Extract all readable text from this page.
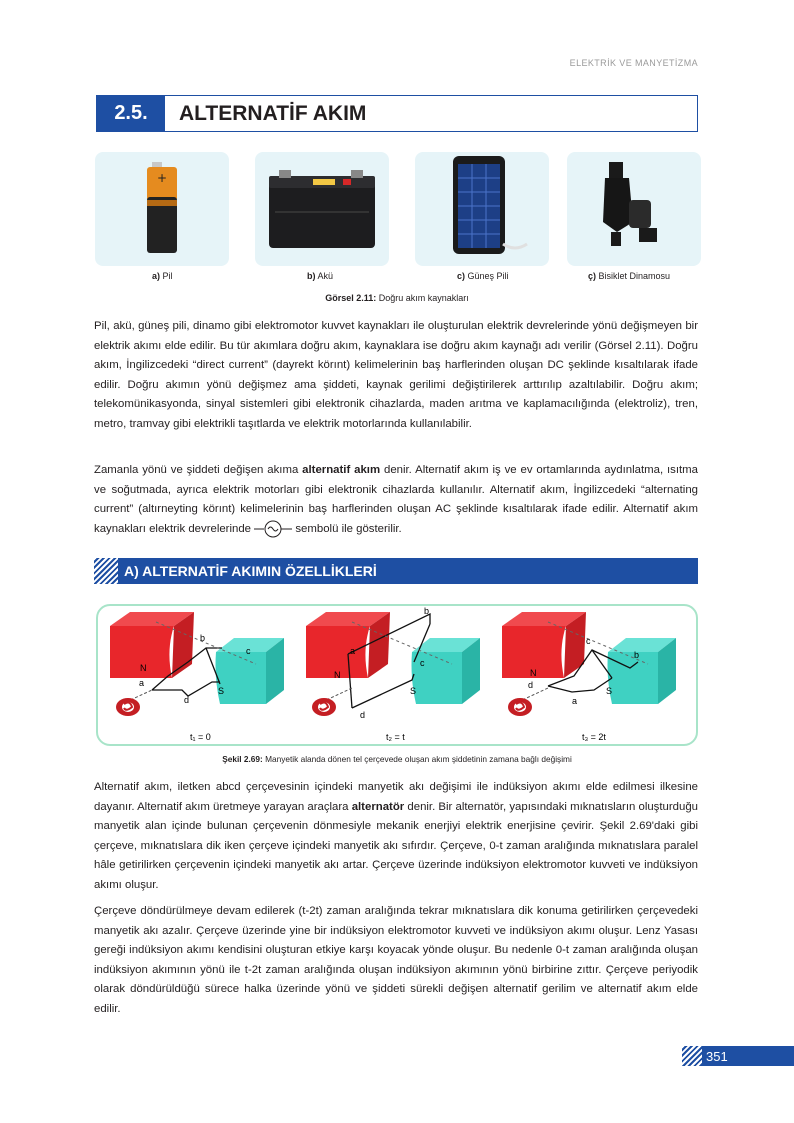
ELEKTRİK VE MANYETİZMA
2.5.	ALTERNATİF AKIM
+
a) Pil	b) Akü	c) Güneş Pili	ç) Bisiklet Dinamosu
Görsel 2.11: Doğru akım kaynakları
Pil, akü, güneş pili, dinamo gibi elektromotor kuvvet kaynakları ile oluşturulan elektrik devrelerinde yönü değişmeyen bir elektrik akımı elde edilir. Bu tür akımlara doğru akım, kaynaklara ise doğru akım kaynağı adı verilir (Görsel 2.11). Doğru akım, İngilizcedeki “direct current” (dayrekt körınt) kelimelerinin baş harflerinden oluşan DC şeklinde kısaltılarak ifade edilir. Doğru akımın yönü değişmez ama şiddeti, kaynak gerilimi değiştirilerek arttırılıp azaltılabilir. Doğru akım; telekomünikasyonda, sinyal sistemleri gibi elektronik cihazlarda, maden arıtma ve kaplamacılığında (elektroliz), tren, metro, tramvay gibi elektrikli taşıtlarda ve elektrik motorlarında kullanılabilir.
Zamanla yönü ve şiddeti değişen akıma alternatif akım denir. Alternatif akım iş ve ev ortamlarında aydınlatma, ısıtma ve soğutmada, ayrıca elektrik motorları gibi elektronik cihazlarda kullanılır. Alternatif akım, İngilizcedeki “alternating current” (altırneyting körınt) kelimelerinin baş harflerinden oluşan AC şeklinde kısaltılarak ifade edilir. Alternatif akım kaynakları elektrik devrelerinde	sembolü ile gösterilir.
A) ALTERNATİF AKIMIN ÖZELLİKLERİ
b
c
N
a
d
S
t₁ = 0
b
a
c
N
d
S
t₂ = t
c
b
N
d
a
S
t₃ = 2t
Şekil 2.69: Manyetik alanda dönen tel çerçevede oluşan akım şiddetinin zamana bağlı değişimi
Alternatif akım, iletken abcd çerçevesinin içindeki manyetik akı değişimi ile indüksiyon akımı elde edilmesi ilkesine dayanır. Alternatif akım üretmeye yarayan araçlara alternatör denir. Bir alternatör, yapısındaki mıknatısların oluşturduğu manyetik alan içinde bulunan çerçevenin dönmesiyle mekanik enerjiyi elektrik enerjisine çevirir. Şekil 2.69'daki gibi çerçeve, mıknatıslara dik iken çerçeve içindeki manyetik akı sıfırdır. Çerçeve, 0-t zaman aralığında mıknatıslara paralel hâle getirilirken çerçevenin içindeki manyetik akı artar. Çerçeve üzerinde indüksiyon elektromotor kuvveti ve indüksiyon akımı oluşur.
Çerçeve döndürülmeye devam edilerek (t-2t) zaman aralığında tekrar mıknatıslara dik konuma getirilirken çerçevedeki manyetik akı azalır. Çerçeve üzerinde yine bir indüksiyon elektromotor kuvveti ve indüksiyon akımı oluşur. Lenz Yasası gereği indüksiyon akımı kendisini oluşturan etkiye karşı koyacak yönde oluşur. Bu nedenle 0-t zaman aralığında oluşan indüksiyon akımının yönü ile t-2t zaman aralığında oluşan indüksiyon akımının yönü birbirine zıttır. Çerçeve periyodik olarak döndürüldüğü sürece halka üzerinde yönü ve şiddeti sürekli değişen alternatif gerilim ve alternatif akım elde edilir.
351
